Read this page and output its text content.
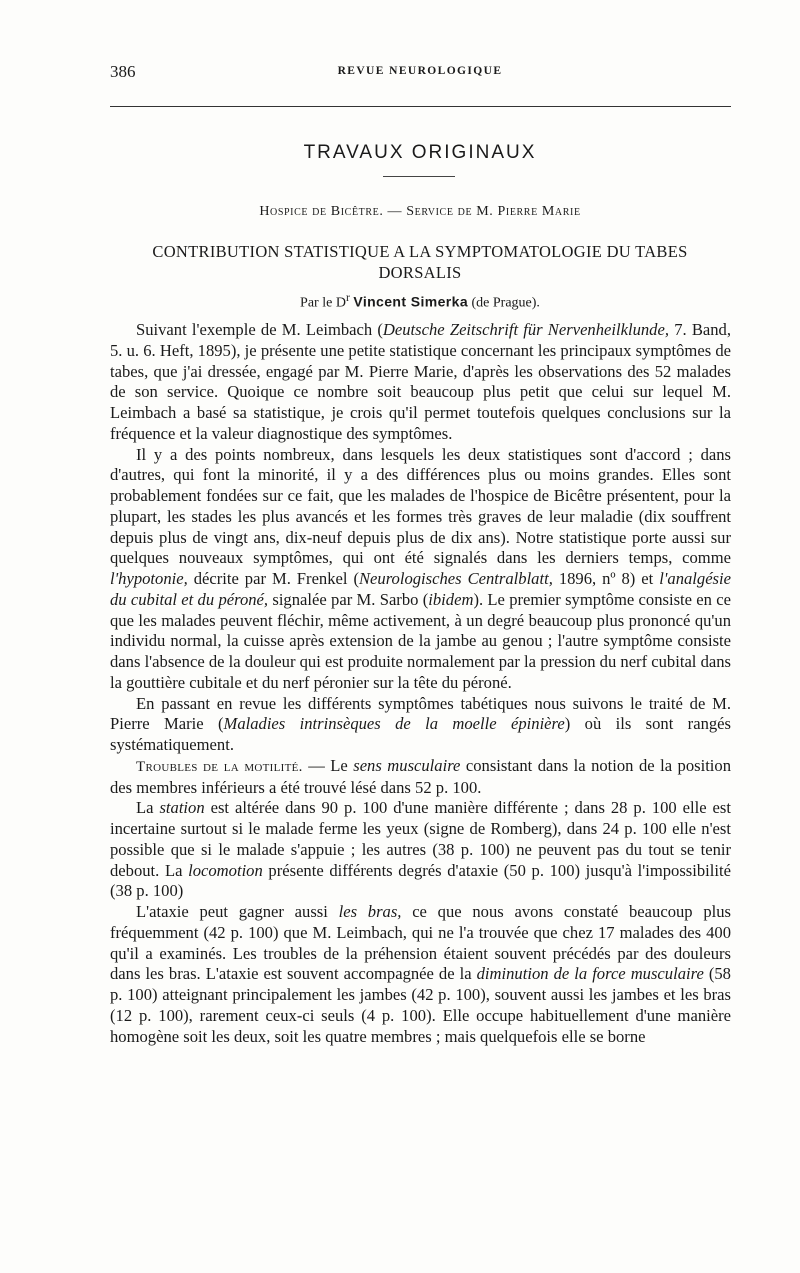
386	REVUE NEUROLOGIQUE
TRAVAUX ORIGINAUX
Hospice de Bicêtre. — Service de M. Pierre Marie
CONTRIBUTION STATISTIQUE A LA SYMPTOMATOLOGIE DU TABES
DORSALIS
Par le $D^r$ Vincent Simerka (de Prague).

Suivant l'exemple de M. Leimbach (Deutsche Zeitschrift für Nervenheilklunde, 7. Band, 5. u. 6. Heft, 1895), je présente une petite statistique concernant les principaux symptômes de tabes, que j'ai dressée, engagé par M. Pierre Marie, d'après les observations des 52 malades de son service. Quoique ce nombre soit beaucoup plus petit que celui sur lequel M. Leimbach a basé sa statistique, je crois qu'il permet toutefois quelques conclusions sur la fréquence et la valeur diagnostique des symptômes.

Il y a des points nombreux, dans lesquels les deux statistiques sont d'accord ; dans d'autres, qui font la minorité, il y a des différences plus ou moins grandes. Elles sont probablement fondées sur ce fait, que les malades de l'hospice de Bicêtre présentent, pour la plupart, les stades les plus avancés et les formes très graves de leur maladie (dix souffrent depuis plus de vingt ans, dix-neuf depuis plus de dix ans). Notre statistique porte aussi sur quelques nouveaux symptômes, qui ont été signalés dans les derniers temps, comme l'hypotonie, décrite par M. Frenkel (Neurologisches Centralblatt, 1896, nº 8) et l'analgésie du cubital et du péroné, signalée par M. Sarbo (ibidem). Le premier symptôme consiste en ce que les malades peuvent fléchir, même activement, à un degré beaucoup plus prononcé qu'un individu normal, la cuisse après extension de la jambe au genou ; l'autre symptôme consiste dans l'absence de la douleur qui est produite normalement par la pression du nerf cubital dans la gouttière cubitale et du nerf péronier sur la tête du péroné.

En passant en revue les différents symptômes tabétiques nous suivons le traité de M. Pierre Marie (Maladies intrinsèques de la moelle épinière) où ils sont rangés systématiquement.

Troubles de la motilité. — Le sens musculaire consistant dans la notion de la position des membres inférieurs a été trouvé lésé dans 52 p. 100.

La station est altérée dans 90 p. 100 d'une manière différente ; dans 28 p. 100 elle est incertaine surtout si le malade ferme les yeux (signe de Romberg), dans 24 p. 100 elle n'est possible que si le malade s'appuie ; les autres (38 p. 100) ne peuvent pas du tout se tenir debout. La locomotion présente différents degrés d'ataxie (50 p. 100) jusqu'à l'impossibilité (38 p. 100)

L'ataxie peut gagner aussi les bras, ce que nous avons constaté beaucoup plus fréquemment (42 p. 100) que M. Leimbach, qui ne l'a trouvée que chez 17 malades des 400 qu'il a examinés. Les troubles de la préhension étaient souvent précédés par des douleurs dans les bras. L'ataxie est souvent accompagnée de la diminution de la force musculaire (58 p. 100) atteignant principalement les jambes (42 p. 100), souvent aussi les jambes et les bras (12 p. 100), rarement ceux-ci seuls (4 p. 100). Elle occupe habituellement d'une manière homogène soit les deux, soit les quatre membres ; mais quelquefois elle se borne
